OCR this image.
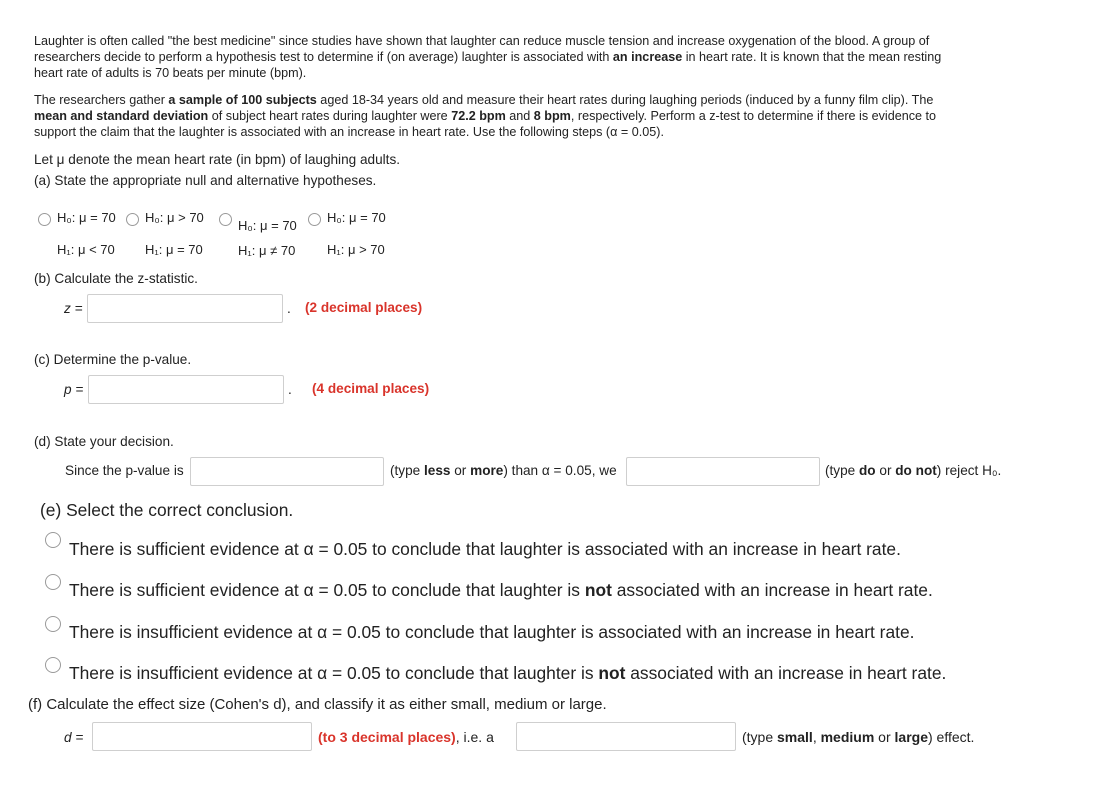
Laughter is often called "the best medicine" since studies have shown that laughter can reduce muscle tension and increase oxygenation of the blood. A group of
researchers decide to perform a hypothesis test to determine if (on average) laughter is associated with an increase in heart rate. It is known that the mean resting
heart rate of adults is 70 beats per minute (bpm).
The researchers gather a sample of 100 subjects aged 18-34 years old and measure their heart rates during laughing periods (induced by a funny film clip). The
mean and standard deviation of subject heart rates during laughter were 72.2 bpm and 8 bpm, respectively. Perform a z-test to determine if there is evidence to
support the claim that the laughter is associated with an increase in heart rate. Use the following steps (α = 0.05).
Let μ denote the mean heart rate (in bpm) of laughing adults.
(a) State the appropriate null and alternative hypotheses.
H₀: μ = 70
H₁: μ < 70
H₀: μ > 70
H₁: μ = 70
H₀: μ = 70
H₁: μ ≠ 70
H₀: μ = 70
H₁: μ > 70
(b) Calculate the z-statistic.
z =	. (2 decimal places)
(c) Determine the p-value.
p =	. (4 decimal places)
(d) State your decision.
Since the p-value is	(type less or more) than α = 0.05, we	(type do or do not) reject H₀.
(e) Select the correct conclusion.
There is sufficient evidence at α = 0.05 to conclude that laughter is associated with an increase in heart rate.
There is sufficient evidence at α = 0.05 to conclude that laughter is not associated with an increase in heart rate.
There is insufficient evidence at α = 0.05 to conclude that laughter is associated with an increase in heart rate.
There is insufficient evidence at α = 0.05 to conclude that laughter is not associated with an increase in heart rate.
(f) Calculate the effect size (Cohen's d), and classify it as either small, medium or large.
d =	(to 3 decimal places), i.e. a	(type small, medium or large) effect.
